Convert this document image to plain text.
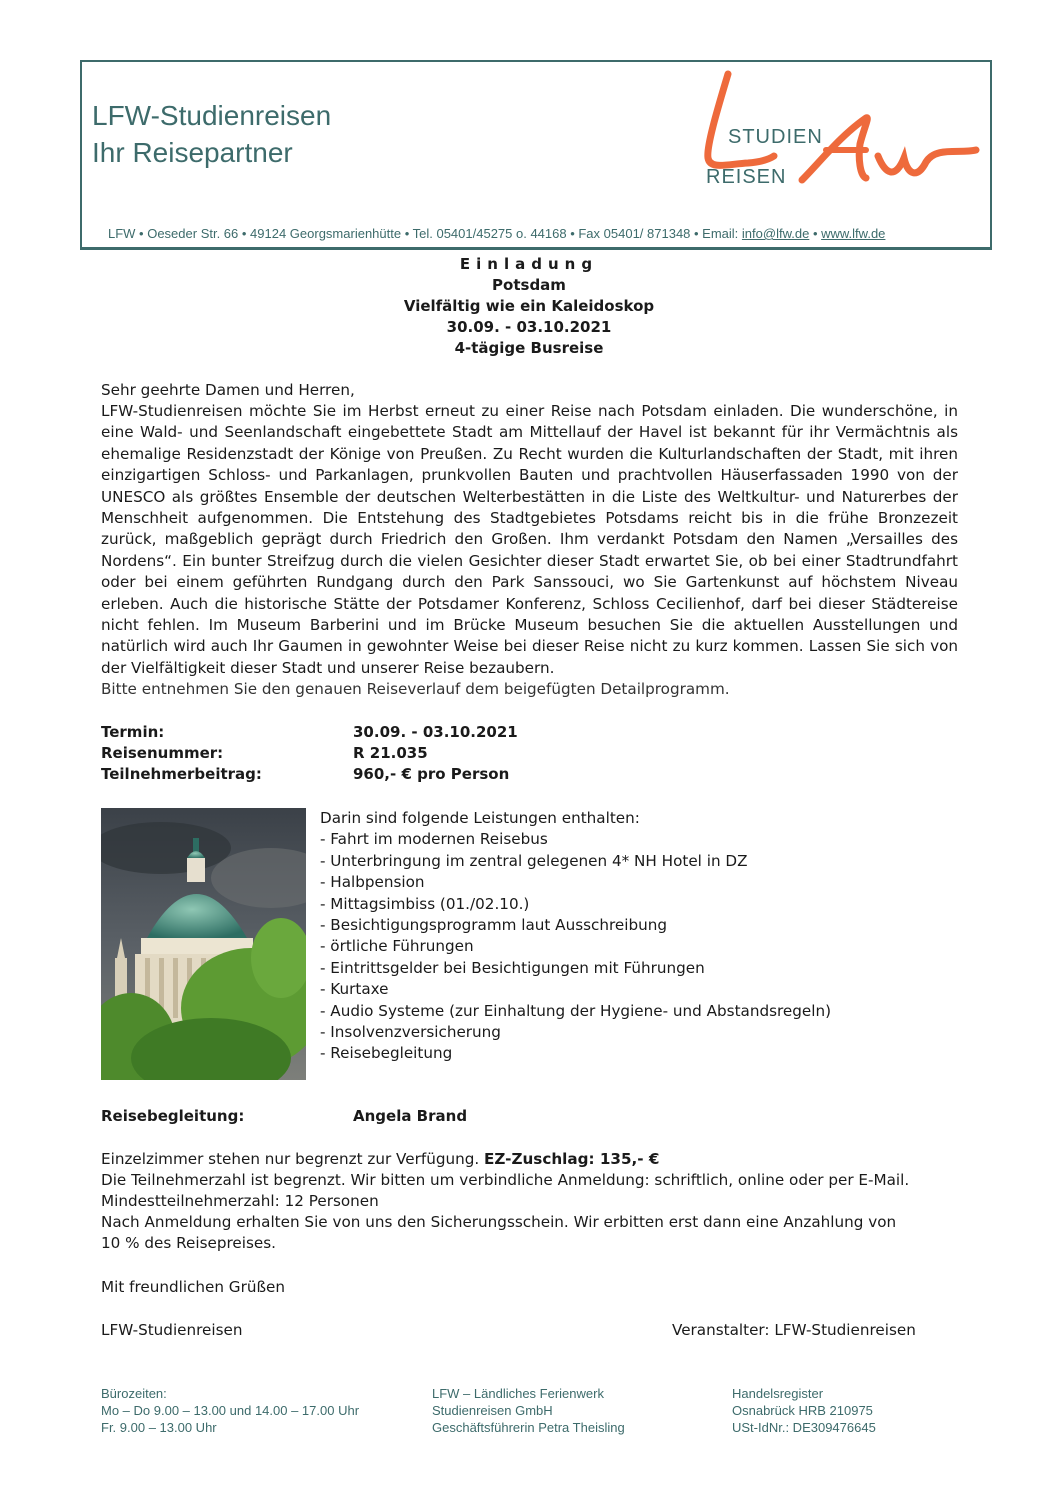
LFW-Studienreisen
Ihr Reisepartner	STUDIEN
REISEN
LFW • Oeseder Str. 66 • 49124 Georgsmarienhütte • Tel. 05401/45275 o. 44168 • Fax 05401/ 871348 • Email: info@lfw.de • www.lfw.de
Einladung
Potsdam
Vielfältig wie ein Kaleidoskop
30.09. - 03.10.2021
4-tägige Busreise
Sehr geehrte Damen und Herren,
LFW-Studienreisen möchte Sie im Herbst erneut zu einer Reise nach Potsdam einladen. Die wunderschöne, in eine Wald- und Seenlandschaft eingebettete Stadt am Mittellauf der Havel ist bekannt für ihr Vermächtnis als ehemalige Residenzstadt der Könige von Preußen. Zu Recht wurden die Kulturlandschaften der Stadt, mit ihren einzigartigen Schloss- und Parkanlagen, prunkvollen Bauten und prachtvollen Häuserfassaden 1990 von der UNESCO als größtes Ensemble der deutschen Welterbestätten in die Liste des Weltkultur- und Naturerbes der Menschheit aufgenommen. Die Entstehung des Stadtgebietes Potsdams reicht bis in die frühe Bronzezeit zurück, maßgeblich geprägt durch Friedrich den Großen. Ihm verdankt Potsdam den Namen „Versailles des Nordens“. Ein bunter Streifzug durch die vielen Gesichter dieser Stadt erwartet Sie, ob bei einer Stadtrundfahrt oder bei einem geführten Rundgang durch den Park Sanssouci, wo Sie Gartenkunst auf höchstem Niveau erleben. Auch die historische Stätte der Potsdamer Konferenz, Schloss Cecilienhof, darf bei dieser Städtereise nicht fehlen. Im Museum Barberini und im Brücke Museum besuchen Sie die aktuellen Ausstellungen und natürlich wird auch Ihr Gaumen in gewohnter Weise bei dieser Reise nicht zu kurz kommen. Lassen Sie sich von der Vielfältigkeit dieser Stadt und unserer Reise bezaubern.
Bitte entnehmen Sie den genauen Reiseverlauf dem beigefügten Detailprogramm.
Termin:	30.09. - 03.10.2021
Reisenummer:	R 21.035
Teilnehmerbeitrag:	960,- € pro Person
Darin sind folgende Leistungen enthalten:
- Fahrt im modernen Reisebus
- Unterbringung im zentral gelegenen 4* NH Hotel in DZ
- Halbpension
- Mittagsimbiss (01./02.10.)
- Besichtigungsprogramm laut Ausschreibung
- örtliche Führungen
- Eintrittsgelder bei Besichtigungen mit Führungen
- Kurtaxe
- Audio Systeme (zur Einhaltung der Hygiene- und Abstandsregeln)
- Insolvenzversicherung
- Reisebegleitung
Reisebegleitung:	Angela Brand
Einzelzimmer stehen nur begrenzt zur Verfügung. EZ-Zuschlag: 135,- €
Die Teilnehmerzahl ist begrenzt. Wir bitten um verbindliche Anmeldung: schriftlich, online oder per E-Mail.
Mindestteilnehmerzahl: 12 Personen
Nach Anmeldung erhalten Sie von uns den Sicherungsschein. Wir erbitten erst dann eine Anzahlung von
10 % des Reisepreises.
Mit freundlichen Grüßen
LFW-Studienreisen	Veranstalter: LFW-Studienreisen
Bürozeiten:
Mo – Do 9.00 – 13.00 und 14.00 – 17.00 Uhr
Fr. 9.00 – 13.00 Uhr
LFW – Ländliches Ferienwerk
Studienreisen GmbH
Geschäftsführerin Petra Theisling
Handelsregister
Osnabrück HRB 210975
USt-IdNr.: DE309476645
